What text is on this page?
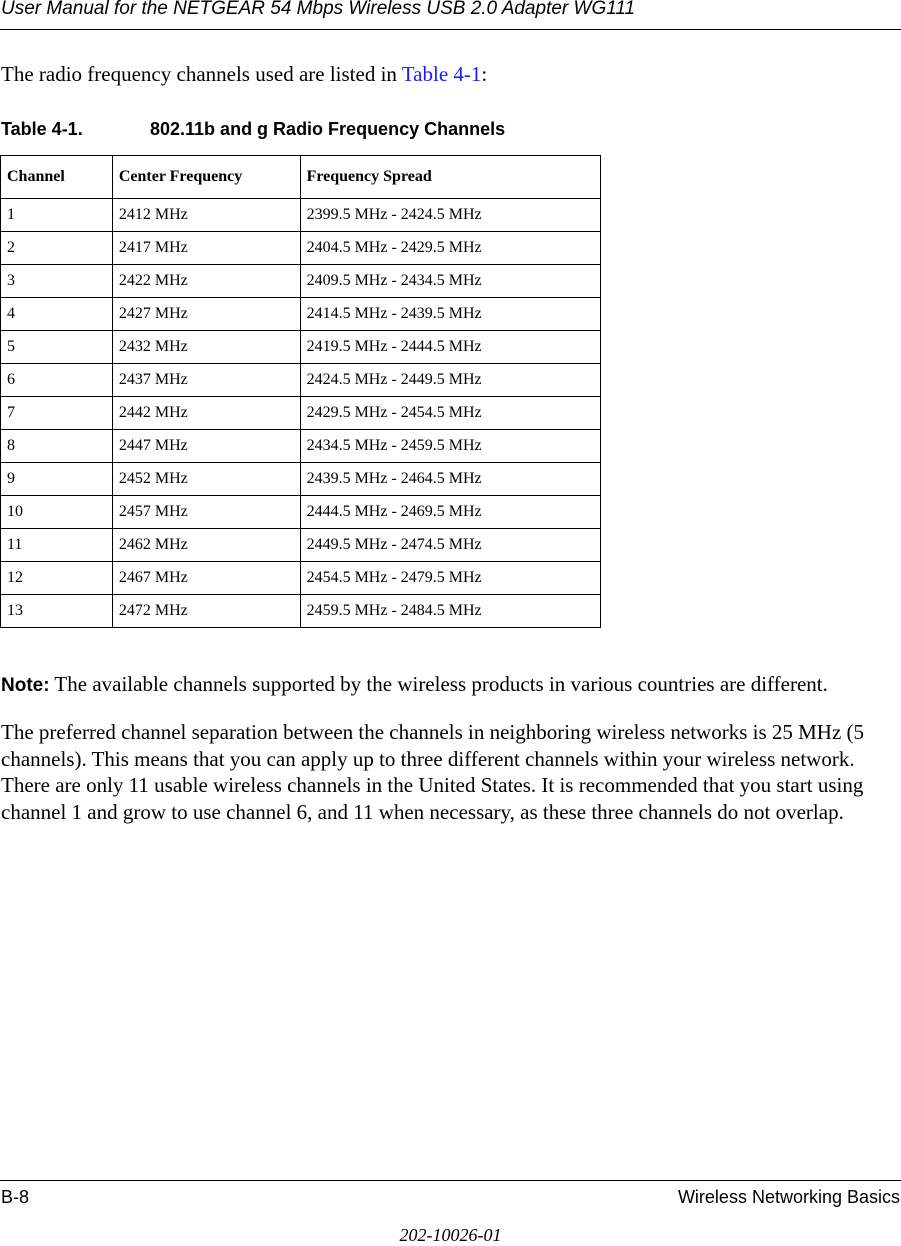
User Manual for the NETGEAR 54 Mbps Wireless USB 2.0 Adapter WG111
The radio frequency channels used are listed in Table 4-1:
Table 4-1.	802.11b and g Radio Frequency Channels
Channel	Center Frequency	Frequency Spread
1	2412 MHz	2399.5 MHz - 2424.5 MHz
2	2417 MHz	2404.5 MHz - 2429.5 MHz
3	2422 MHz	2409.5 MHz - 2434.5 MHz
4	2427 MHz	2414.5 MHz - 2439.5 MHz
5	2432 MHz	2419.5 MHz - 2444.5 MHz
6	2437 MHz	2424.5 MHz - 2449.5 MHz
7	2442 MHz	2429.5 MHz - 2454.5 MHz
8	2447 MHz	2434.5 MHz - 2459.5 MHz
9	2452 MHz	2439.5 MHz - 2464.5 MHz
10	2457 MHz	2444.5 MHz - 2469.5 MHz
11	2462 MHz	2449.5 MHz - 2474.5 MHz
12	2467 MHz	2454.5 MHz - 2479.5 MHz
13	2472 MHz	2459.5 MHz - 2484.5 MHz
Note: The available channels supported by the wireless products in various countries are different.
The preferred channel separation between the channels in neighboring wireless networks is 25 MHz (5 channels). This means that you can apply up to three different channels within your wireless network. There are only 11 usable wireless channels in the United States. It is recommended that you start using channel 1 and grow to use channel 6, and 11 when necessary, as these three channels do not overlap.
B-8	Wireless Networking Basics
202-10026-01
